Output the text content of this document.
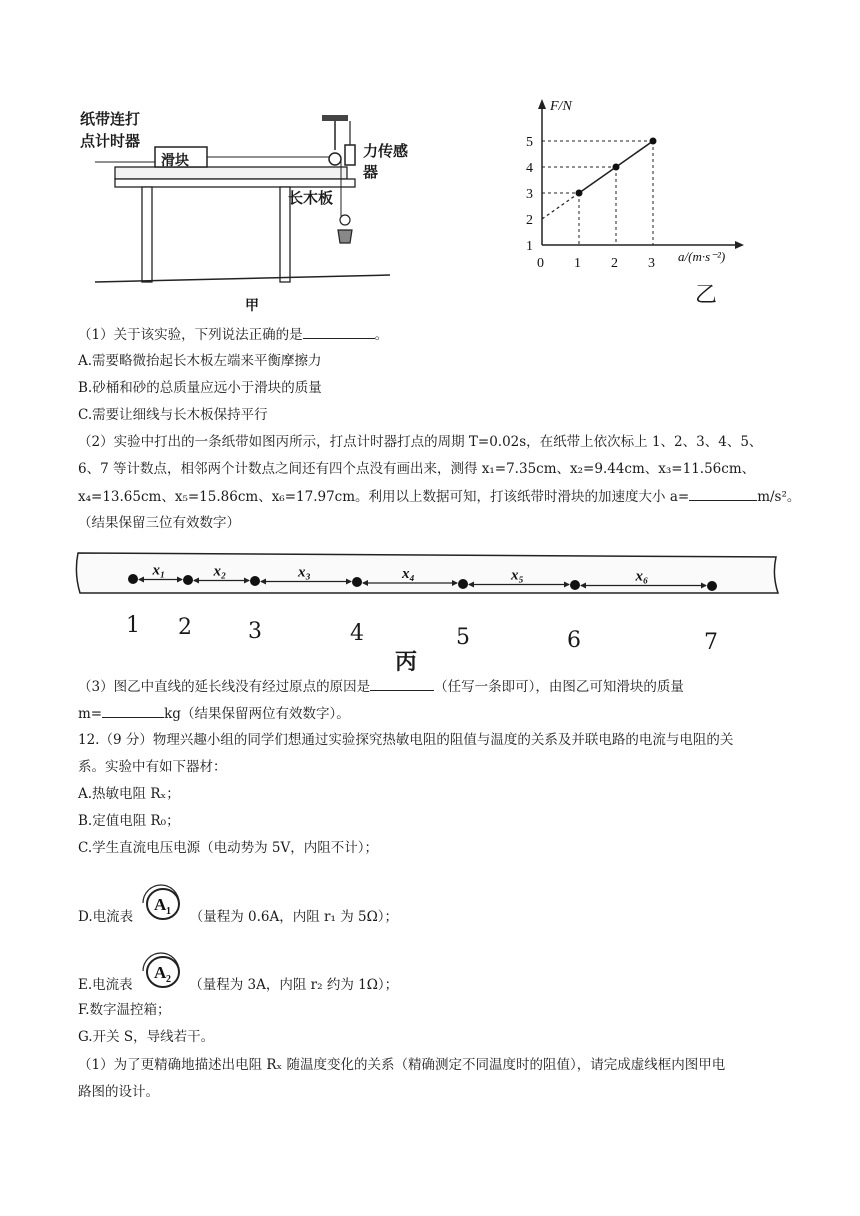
纸带连打
点计时器
滑块
力传感器
长木板
甲
F/N
a/(m·s⁻²)
0 1 2 3
1
2
3
4
5
乙
（1）关于该实验，下列说法正确的是	。
A.需要略微抬起长木板左端来平衡摩擦力
B.砂桶和砂的总质量应远小于滑块的质量
C.需要让细线与长木板保持平行
（2）实验中打出的一条纸带如图丙所示，打点计时器打点的周期 T=0.02s，在纸带上依次标上 1、2、3、4、5、
6、7 等计数点，相邻两个计数点之间还有四个点没有画出来，测得 x₁=7.35cm、x₂=9.44cm、x₃=11.56cm、
x₄=13.65cm、x₅=15.86cm、x₆=17.97cm。利用以上数据可知，打该纸带时滑块的加速度大小 a=	m/s²。
（结果保留三位有效数字）
x₁	x₂	x₃	x₄	x₅	x₆
丙
1 2	3	4	5	6	7
（3）图乙中直线的延长线没有经过原点的原因是	（任写一条即可），由图乙可知滑块的质量
m=	kg（结果保留两位有效数字）。
12.（9 分）物理兴趣小组的同学们想通过实验探究热敏电阻的阻值与温度的关系及并联电路的电流与电阻的关
系。实验中有如下器材：
A.热敏电阻 Rₓ；
B.定值电阻 R₀；
C.学生直流电压电源（电动势为 5V，内阻不计）；
D.电流表
A 1 （量程为 0.6A，内阻 r₁ 为 5Ω）；
E.电流表
A 2 （量程为 3A，内阻 r₂ 约为 1Ω）；
F.数字温控箱；
G.开关 S，导线若干。
（1）为了更精确地描述出电阻 Rₓ 随温度变化的关系（精确测定不同温度时的阻值），请完成虚线框内图甲电
路图的设计。
